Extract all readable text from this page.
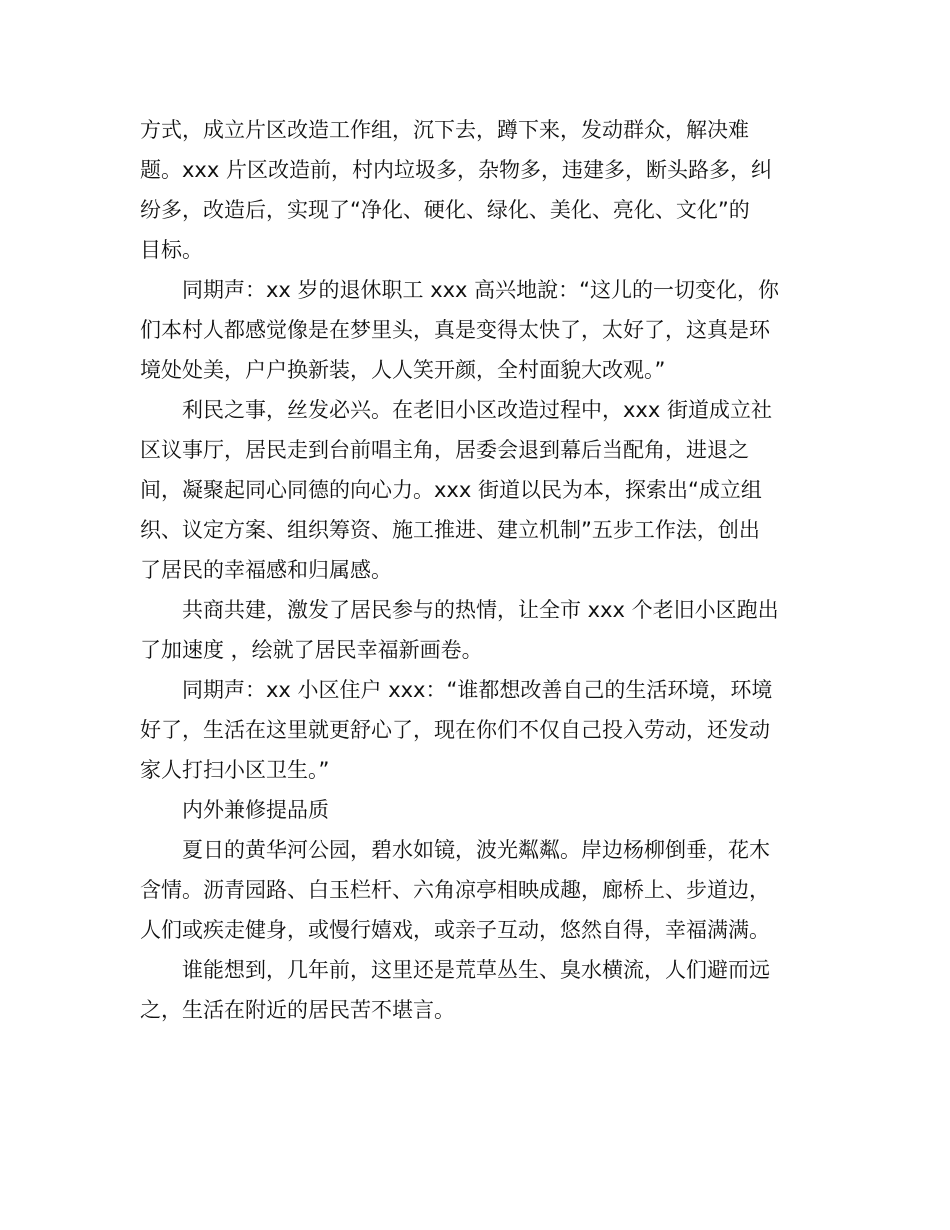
方式，成立片区改造工作组，沉下去，蹲下来，发动群众，解决难
题。xxx 片区改造前，村内垃圾多，杂物多，违建多，断头路多，纠
纷多，改造后，实现了“净化、硬化、绿化、美化、亮化、文化”的
目标。
同期声：xx 岁的退休职工 xxx 高兴地說：“这儿的一切变化，你
们本村人都感觉像是在梦里头，真是变得太快了，太好了，这真是环
境处处美，户户换新装，人人笑开颜，全村面貌大改观。”
利民之事，丝发必兴。在老旧小区改造过程中，xxx 街道成立社
区议事厅，居民走到台前唱主角，居委会退到幕后当配角，进退之
间，凝聚起同心同德的向心力。xxx 街道以民为本，探索出“成立组
织、议定方案、组织筹资、施工推进、建立机制”五步工作法，创出
了居民的幸福感和归属感。
共商共建，激发了居民参与的热情，让全市 xxx 个老旧小区跑出
了加速度 ，绘就了居民幸福新画卷。
同期声：xx 小区住户 xxx：“谁都想改善自己的生活环境，环境
好了，生活在这里就更舒心了，现在你们不仅自己投入劳动，还发动
家人打扫小区卫生。”
内外兼修提品质
夏日的黄华河公园，碧水如镜，波光粼粼。岸边杨柳倒垂，花木
含情。沥青园路、白玉栏杆、六角凉亭相映成趣，廊桥上、步道边，
人们或疾走健身，或慢行嬉戏，或亲子互动，悠然自得，幸福满满。
谁能想到，几年前，这里还是荒草丛生、臭水横流，人们避而远
之，生活在附近的居民苦不堪言。
